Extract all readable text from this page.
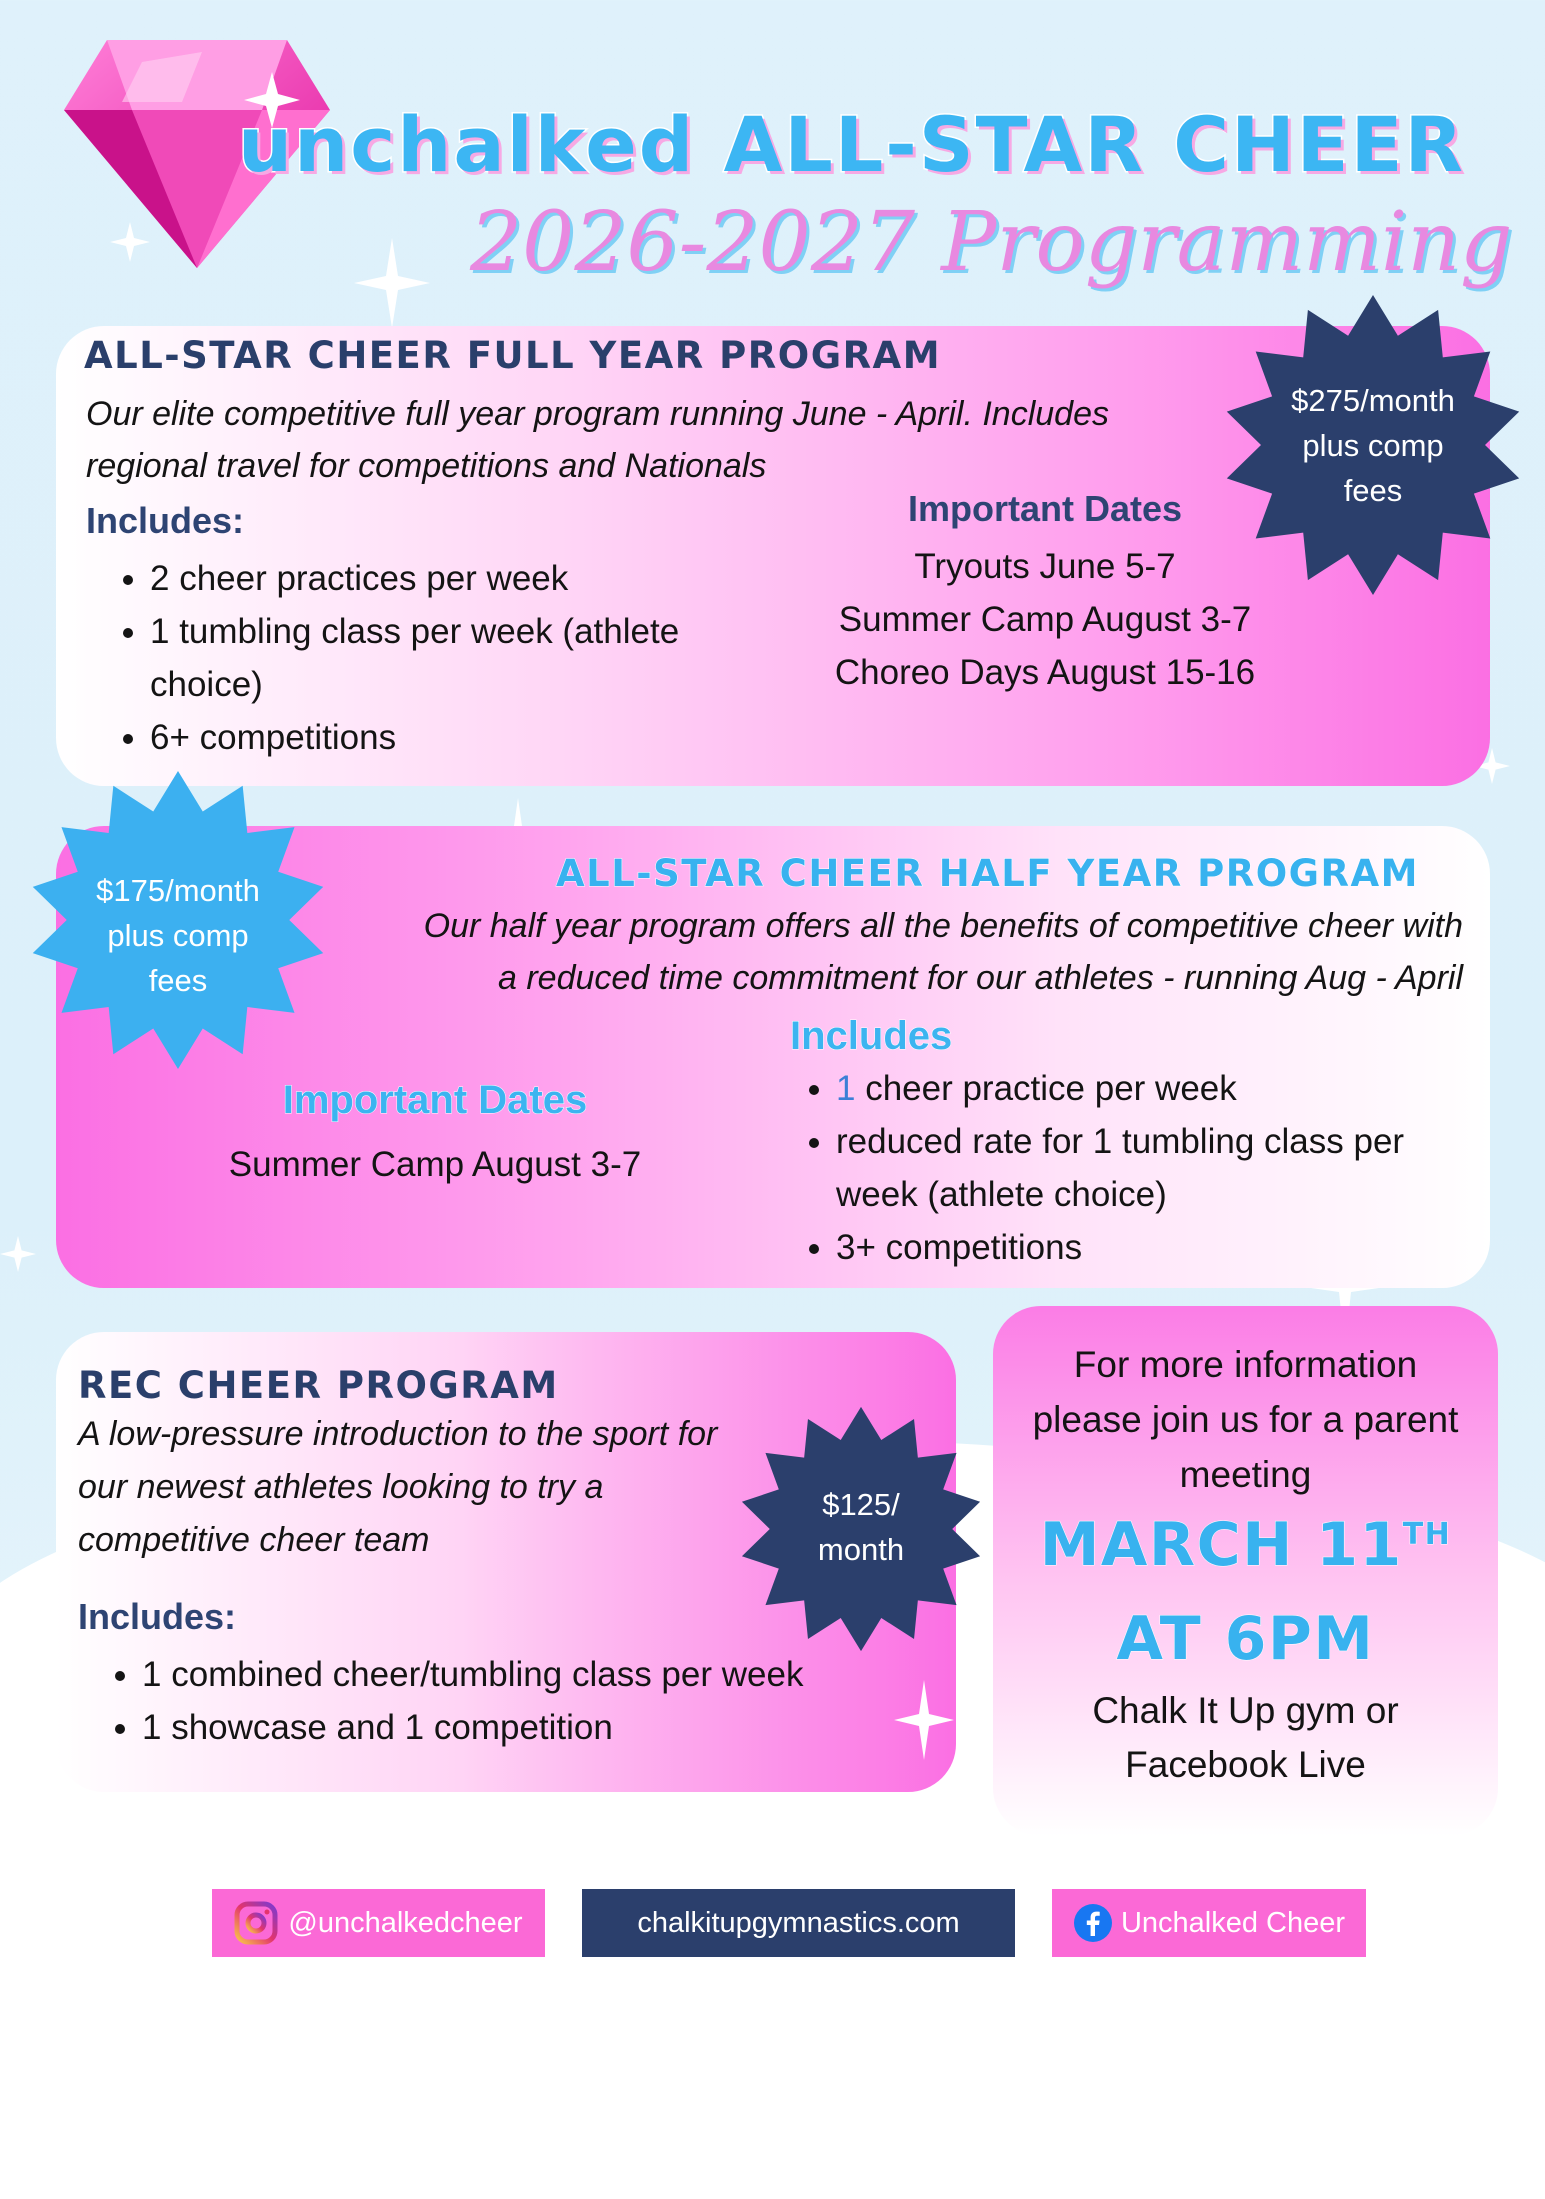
unchalked ALL-STAR CHEER
2026-2027 Programming
ALL-STAR CHEER FULL YEAR PROGRAM
Our elite competitive full year program running June - April. Includes
regional travel for competitions and Nationals
Includes:
• 2 cheer practices per week
• 1 tumbling class per week (athlete choice)
• 6+ competitions
Important Dates
Tryouts June 5-7
Summer Camp August 3-7
Choreo Days August 15-16
$275/month
plus comp
fees
ALL-STAR CHEER HALF YEAR PROGRAM
Our half year program offers all the benefits of competitive cheer with
a reduced time commitment for our athletes - running Aug - April
Includes
• 1 cheer practice per week
• reduced rate for 1 tumbling class per week (athlete choice)
• 3+ competitions
Important Dates
Summer Camp August 3-7
$175/month
plus comp
fees
REC CHEER PROGRAM
A low-pressure introduction to the sport for
our newest athletes looking to try a
competitive cheer team
Includes:
• 1 combined cheer/tumbling class per week
• 1 showcase and 1 competition
$125/
month
For more information
please join us for a parent
meeting
MARCH 11TH
AT 6PM
Chalk It Up gym or
Facebook Live
@unchalkedcheer	chalkitupgymnastics.com	Unchalked Cheer
